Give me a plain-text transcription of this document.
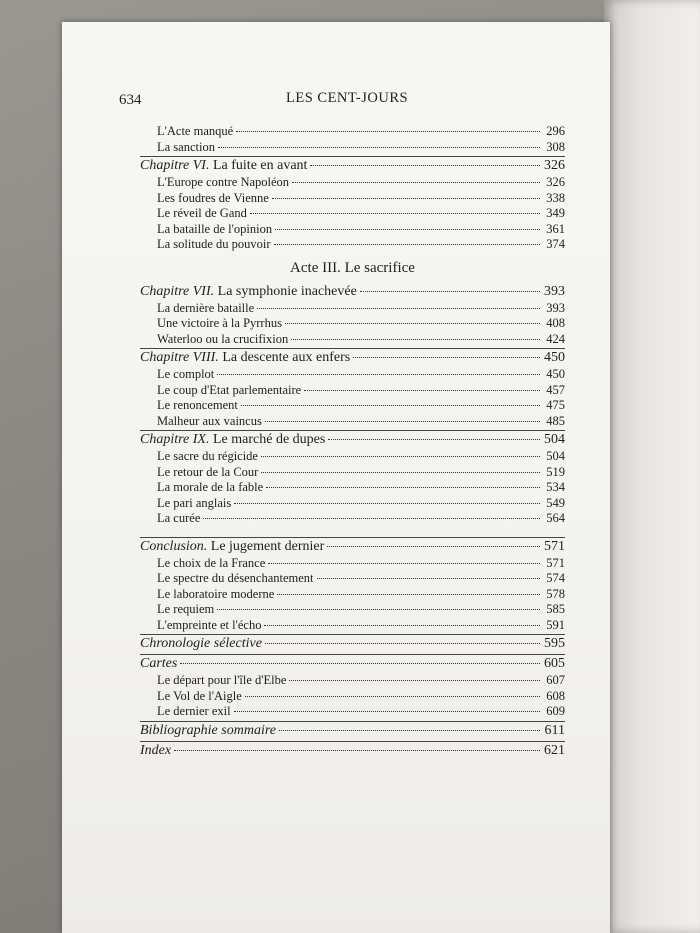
634	LES CENT-JOURS
L'Acte manqué	296
La sanction	308
Chapitre VI. La fuite en avant	326
L'Europe contre Napoléon	326
Les foudres de Vienne	338
Le réveil de Gand	349
La bataille de l'opinion	361
La solitude du pouvoir	374
Acte III. Le sacrifice
Chapitre VII. La symphonie inachevée	393
La dernière bataille	393
Une victoire à la Pyrrhus	408
Waterloo ou la crucifixion	424
Chapitre VIII. La descente aux enfers	450
Le complot	450
Le coup d'Etat parlementaire	457
Le renoncement	475
Malheur aux vaincus	485
Chapitre IX. Le marché de dupes	504
Le sacre du régicide	504
Le retour de la Cour	519
La morale de la fable	534
Le pari anglais	549
La curée	564
Conclusion. Le jugement dernier	571
Le choix de la France	571
Le spectre du désenchantement	574
Le laboratoire moderne	578
Le requiem	585
L'empreinte et l'écho	591
Chronologie sélective	595
Cartes	605
Le départ pour l'île d'Elbe	607
Le Vol de l'Aigle	608
Le dernier exil	609
Bibliographie sommaire	611
Index	621
